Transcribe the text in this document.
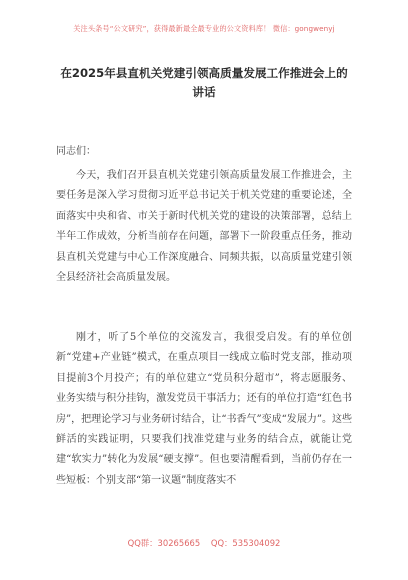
关注头条号“公文研究”，获得最新最全最专业的公文资料库！ 微信：gongwenyj
在2025年县直机关党建引领高质量发展工作推进会上的讲话
同志们：
今天，我们召开县直机关党建引领高质量发展工作推进会，主要任务是深入学习贯彻习近平总书记关于机关党建的重要论述，全面落实中央和省、市关于新时代机关党的建设的决策部署，总结上半年工作成效，分析当前存在问题，部署下一阶段重点任务，推动县直机关党建与中心工作深度融合、同频共振，以高质量党建引领全县经济社会高质量发展。
刚才，听了5个单位的交流发言，我很受启发。有的单位创新“党建+产业链”模式，在重点项目一线成立临时党支部，推动项目提前3个月投产；有的单位建立“党员积分超市”，将志愿服务、业务实绩与积分挂钩，激发党员干事活力；还有的单位打造“红色书房”，把理论学习与业务研讨结合，让“书香气”变成“发展力”。这些鲜活的实践证明，只要我们找准党建与业务的结合点，就能让党建“软实力”转化为发展“硬支撑”。但也要清醒看到，当前仍存在一些短板：个别支部“第一议题”制度落实不
QQ群：30265665 QQ：535304092
